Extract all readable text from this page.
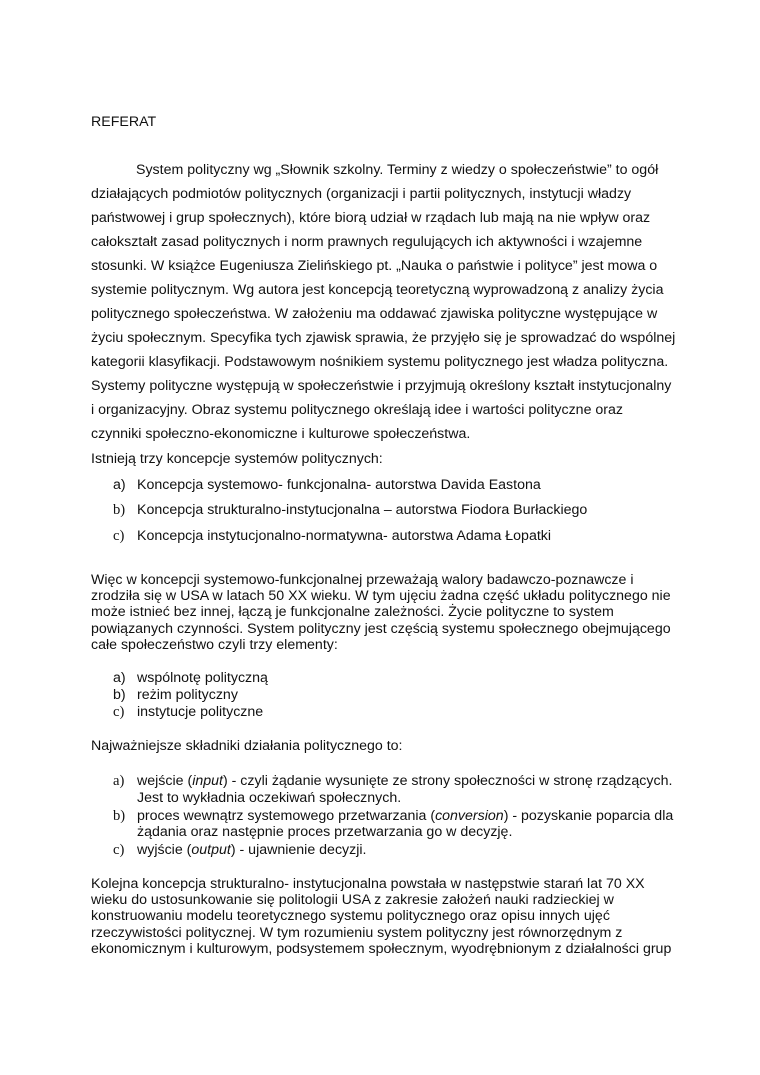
REFERAT
System polityczny wg „Słownik szkolny. Terminy z wiedzy o społeczeństwie” to ogół
działających podmiotów politycznych (organizacji i partii politycznych, instytucji władzy
państwowej i grup społecznych), które biorą udział w rządach lub mają na nie wpływ oraz
całokształt zasad politycznych i norm prawnych regulujących ich aktywności i wzajemne
stosunki. W książce Eugeniusza Zielińskiego pt. „Nauka o państwie i polityce” jest mowa o
systemie politycznym. Wg autora jest koncepcją teoretyczną wyprowadzoną z analizy życia
politycznego społeczeństwa. W założeniu ma oddawać zjawiska polityczne występujące w
życiu społecznym. Specyfika tych zjawisk sprawia, że przyjęło się je sprowadzać do wspólnej
kategorii klasyfikacji. Podstawowym nośnikiem systemu politycznego jest władza polityczna.
Systemy polityczne występują w społeczeństwie i przyjmują określony kształt instytucjonalny
i organizacyjny. Obraz systemu politycznego określają idee i wartości polityczne oraz
czynniki społeczno-ekonomiczne i kulturowe społeczeństwa.
Istnieją trzy koncepcje systemów politycznych:
a) Koncepcja systemowo- funkcjonalna- autorstwa Davida Eastona
b) Koncepcja strukturalno-instytucjonalna – autorstwa Fiodora Burłackiego
c) Koncepcja instytucjonalno-normatywna- autorstwa Adama Łopatki
Więc w koncepcji systemowo-funkcjonalnej przeważają walory badawczo-poznawcze i
zrodziła się w USA w latach 50 XX wieku. W tym ujęciu żadna część układu politycznego nie
może istnieć bez innej, łączą je funkcjonalne zależności. Życie polityczne to system
powiązanych czynności. System polityczny jest częścią systemu społecznego obejmującego
całe społeczeństwo czyli trzy elementy:
a) wspólnotę polityczną
b) reżim polityczny
c) instytucje polityczne
Najważniejsze składniki działania politycznego to:
a) wejście (input) - czyli żądanie wysunięte ze strony społeczności w stronę rządzących.
Jest to wykładnia oczekiwań społecznych.
b) proces wewnątrz systemowego przetwarzania (conversion) - pozyskanie poparcia dla
żądania oraz następnie proces przetwarzania go w decyzję.
c) wyjście (output) - ujawnienie decyzji.
Kolejna koncepcja strukturalno- instytucjonalna powstała w następstwie starań lat 70 XX
wieku do ustosunkowanie się politologii USA z zakresie założeń nauki radzieckiej w
konstruowaniu modelu teoretycznego systemu politycznego oraz opisu innych ujęć
rzeczywistości politycznej. W tym rozumieniu system polityczny jest równorzędnym z
ekonomicznym i kulturowym, podsystemem społecznym, wyodrębnionym z działalności grup
